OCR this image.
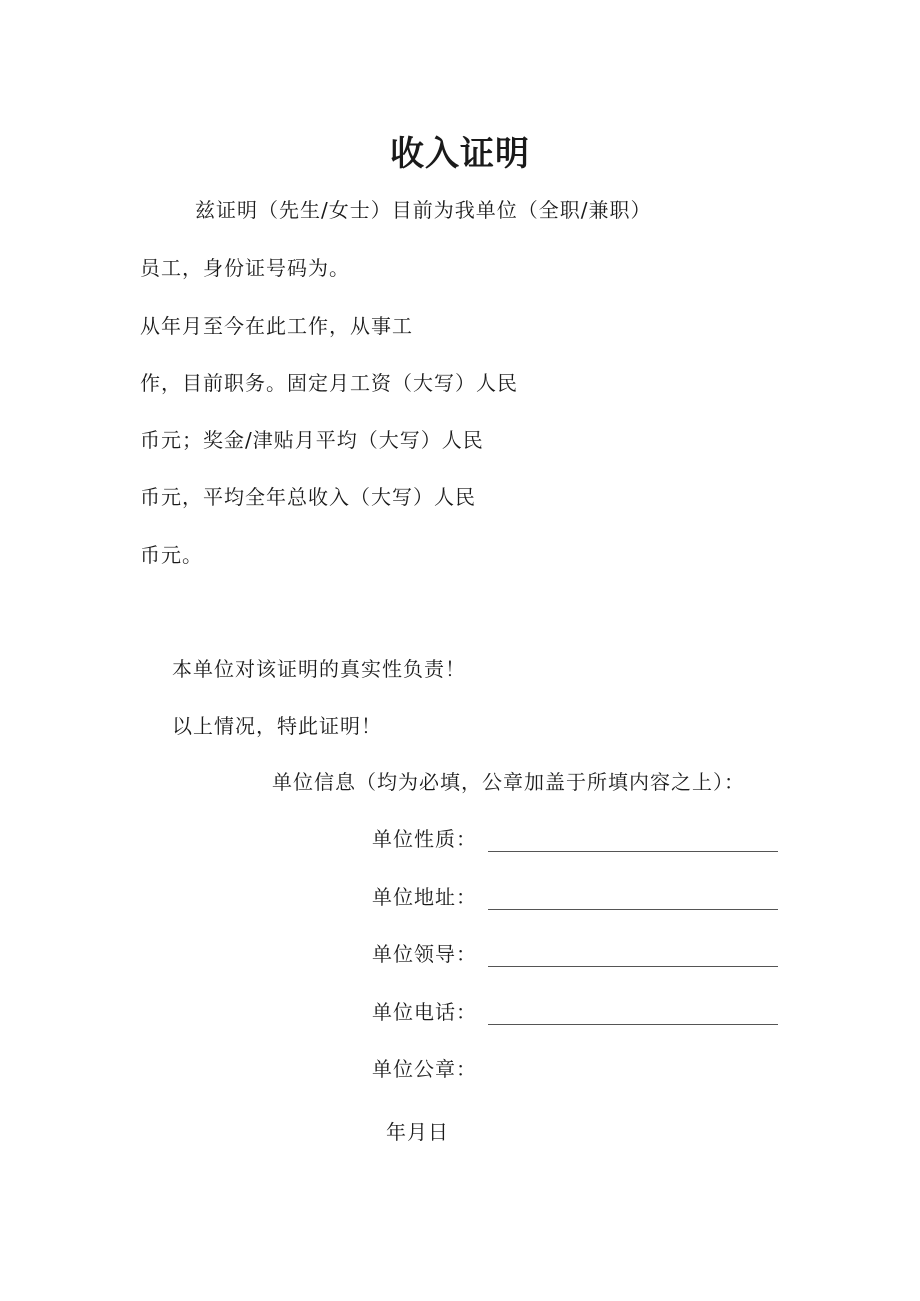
收入证明
兹证明（先生/女士）目前为我单位（全职/兼职）
员工，身份证号码为。
从年月至今在此工作，从事工
作，目前职务。固定月工资（大写）人民
币元；奖金/津贴月平均（大写）人民
币元，平均全年总收入（大写）人民
币元。
本单位对该证明的真实性负责！
以上情况，特此证明！
单位信息（均为必填，公章加盖于所填内容之上）：
单位性质：
单位地址：
单位领导：
单位电话：
单位公章：
年月日
